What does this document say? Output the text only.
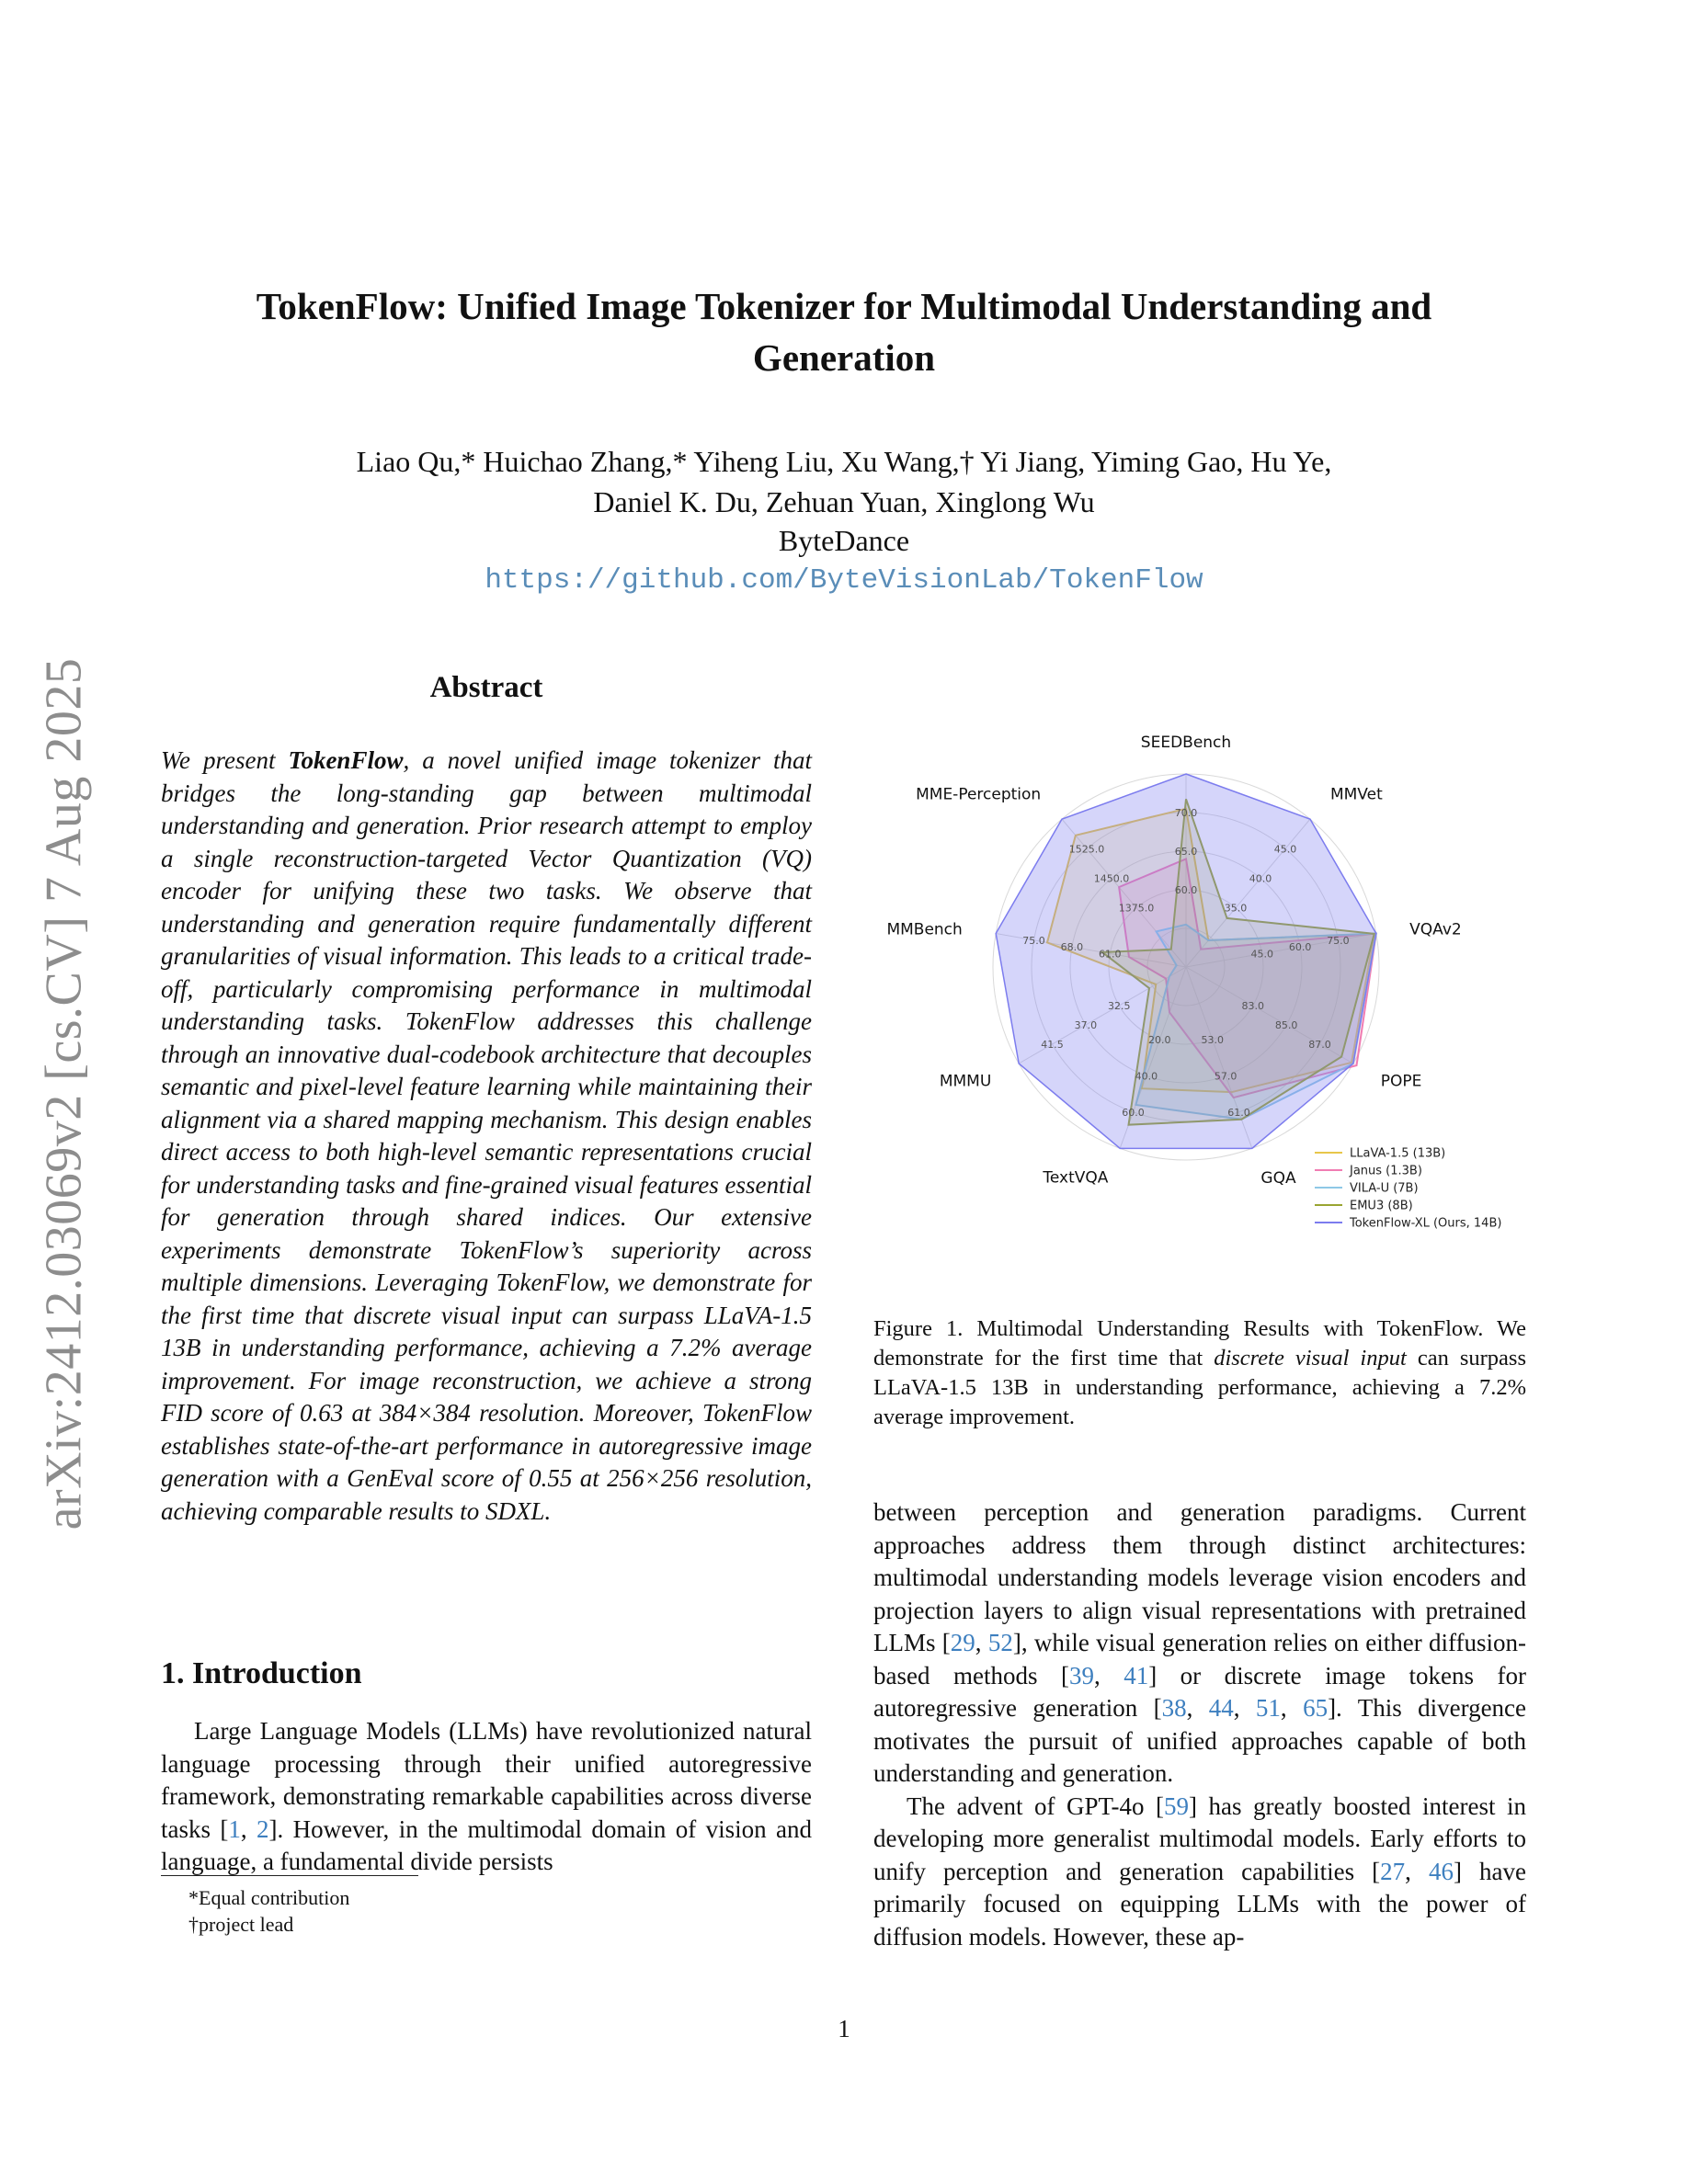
arXiv:2412.03069v2 [cs.CV] 7 Aug 2025
TokenFlow: Unified Image Tokenizer for Multimodal Understanding and Generation
Liao Qu,* Huichao Zhang,* Yiheng Liu, Xu Wang,† Yi Jiang, Yiming Gao, Hu Ye,
Daniel K. Du, Zehuan Yuan, Xinglong Wu
ByteDance
https://github.com/ByteVisionLab/TokenFlow
Abstract
We present TokenFlow, a novel unified image tokenizer that bridges the long-standing gap between multimodal understanding and generation. Prior research attempt to employ a single reconstruction-targeted Vector Quantization (VQ) encoder for unifying these two tasks. We observe that understanding and generation require fundamentally different granularities of visual information. This leads to a critical trade-off, particularly compromising performance in multimodal understanding tasks. TokenFlow addresses this challenge through an innovative dual-codebook architecture that decouples semantic and pixel-level feature learning while maintaining their alignment via a shared mapping mechanism. This design enables direct access to both high-level semantic representations crucial for understanding tasks and fine-grained visual features essential for generation through shared indices. Our extensive experiments demonstrate TokenFlow’s superiority across multiple dimensions. Leveraging TokenFlow, we demonstrate for the first time that discrete visual input can surpass LLaVA-1.5 13B in understanding performance, achieving a 7.2% average improvement. For image reconstruction, we achieve a strong FID score of 0.63 at 384×384 resolution. Moreover, TokenFlow establishes state-of-the-art performance in autoregressive image generation with a GenEval score of 0.55 at 256×256 resolution, achieving comparable results to SDXL.
1. Introduction

Large Language Models (LLMs) have revolutionized natural language processing through their unified autoregressive framework, demonstrating remarkable capabilities across diverse tasks [1, 2]. However, in the multimodal domain of vision and language, a fundamental divide persists

*Equal contribution
†project lead
60.0
65.0
70.0
35.0
40.0
45.0
45.0
60.0
75.0
83.0
85.0
87.0
53.0
57.0
61.0
20.0
40.0
60.0
32.5
37.0
41.5
61.0
68.0
75.0
1375.0
1450.0
1525.0
SEEDBench
MMVet
VQAv2
POPE
GQA
TextVQA
MMMU
MMBench
MME-Perception
LLaVA-1.5 (13B)
Janus (1.3B)
VILA-U (7B)
EMU3 (8B)
TokenFlow-XL (Ours, 14B)
Figure 1. Multimodal Understanding Results with TokenFlow. We demonstrate for the first time that discrete visual input can surpass LLaVA-1.5 13B in understanding performance, achieving a 7.2% average improvement.

between perception and generation paradigms. Current approaches address them through distinct architectures: multimodal understanding models leverage vision encoders and projection layers to align visual representations with pretrained LLMs [29, 52], while visual generation relies on either diffusion-based methods [39, 41] or discrete image tokens for autoregressive generation [38, 44, 51, 65]. This divergence motivates the pursuit of unified approaches capable of both understanding and generation.

The advent of GPT-4o [59] has greatly boosted interest in developing more generalist multimodal models. Early efforts to unify perception and generation capabilities [27, 46] have primarily focused on equipping LLMs with the power of diffusion models. However, these ap-

1
